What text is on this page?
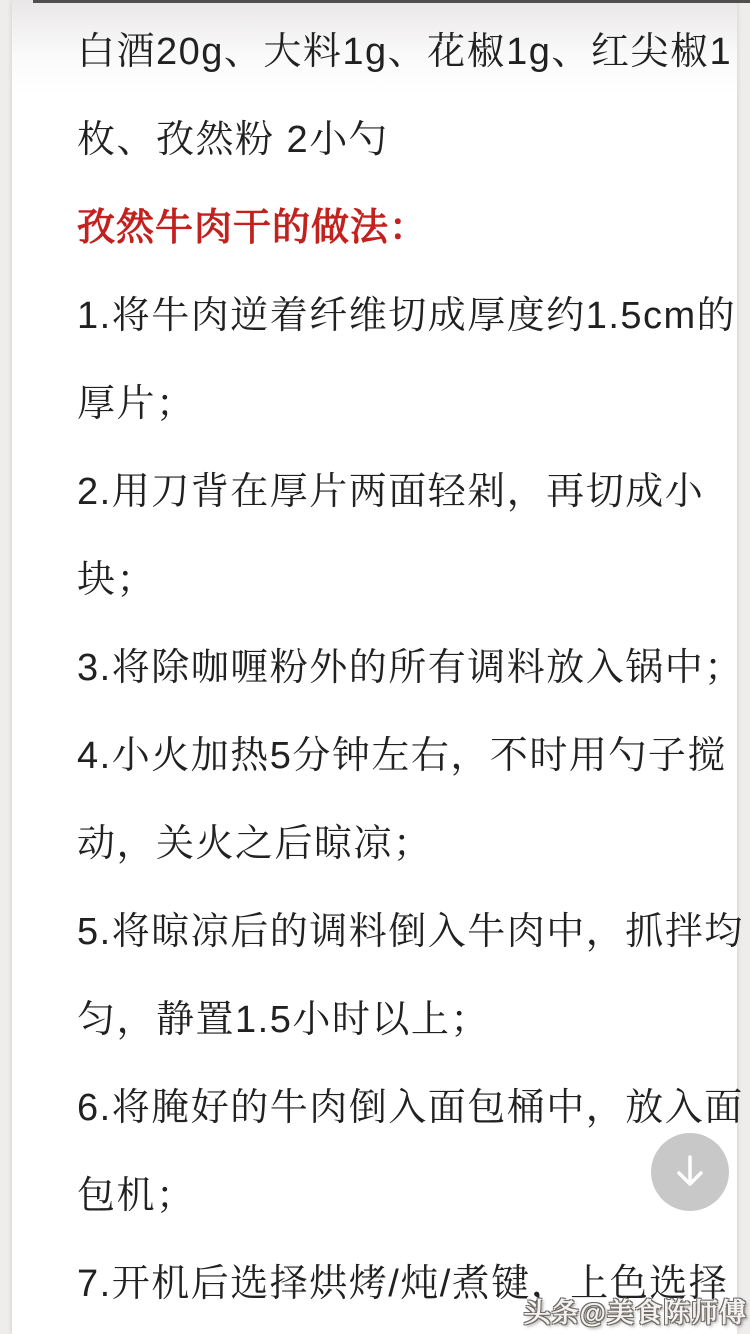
白酒20g、大料1g、花椒1g、红尖椒1
枚、孜然粉 2小勺
孜然牛肉干的做法：
1.将牛肉逆着纤维切成厚度约1.5cm的
厚片；
2.用刀背在厚片两面轻剁，再切成小
块；
3.将除咖喱粉外的所有调料放入锅中；
4.小火加热5分钟左右，不时用勺子搅
动，关火之后晾凉；
5.将晾凉后的调料倒入牛肉中，抓拌均
匀，静置1.5小时以上；
6.将腌好的牛肉倒入面包桶中，放入面
包机；
7.开机后选择烘烤/炖/煮键，上色选择
头条@美食陈师傅
